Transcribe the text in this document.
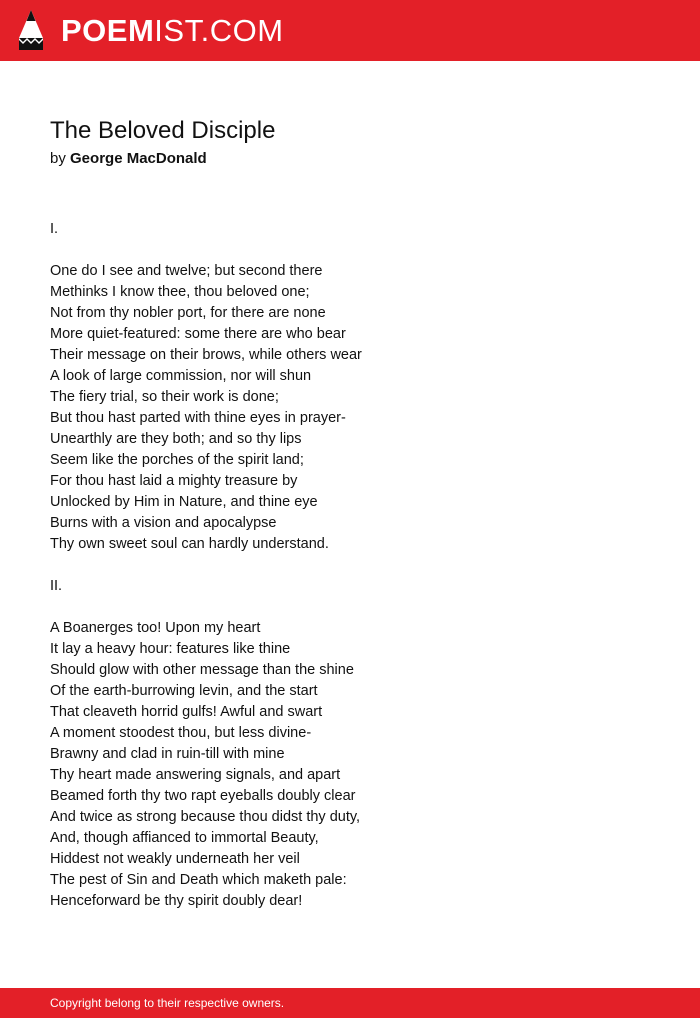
POEMIST.COM
The Beloved Disciple
by George MacDonald
I.
One do I see and twelve; but second there
Methinks I know thee, thou beloved one;
Not from thy nobler port, for there are none
More quiet-featured: some there are who bear
Their message on their brows, while others wear
A look of large commission, nor will shun
The fiery trial, so their work is done;
But thou hast parted with thine eyes in prayer-
Unearthly are they both; and so thy lips
Seem like the porches of the spirit land;
For thou hast laid a mighty treasure by
Unlocked by Him in Nature, and thine eye
Burns with a vision and apocalypse
Thy own sweet soul can hardly understand.
II.
A Boanerges too! Upon my heart
It lay a heavy hour: features like thine
Should glow with other message than the shine
Of the earth-burrowing levin, and the start
That cleaveth horrid gulfs! Awful and swart
A moment stoodest thou, but less divine-
Brawny and clad in ruin-till with mine
Thy heart made answering signals, and apart
Beamed forth thy two rapt eyeballs doubly clear
And twice as strong because thou didst thy duty,
And, though affianced to immortal Beauty,
Hiddest not weakly underneath her veil
The pest of Sin and Death which maketh pale:
Henceforward be thy spirit doubly dear!
Copyright belong to their respective owners.
